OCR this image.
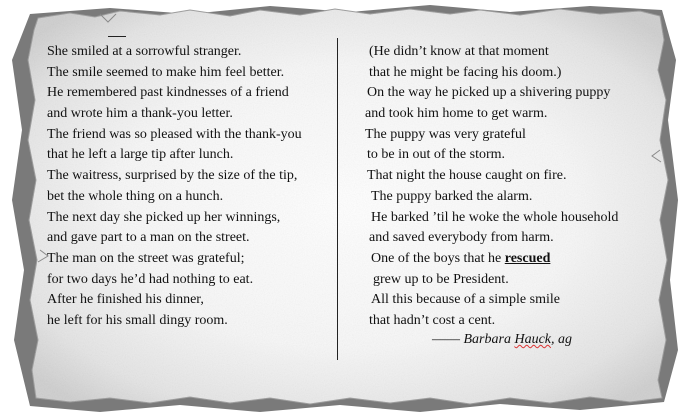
She smiled at a sorrowful stranger.
The smile seemed to make him feel better.
He remembered past kindnesses of a friend
and wrote him a thank-you letter.
The friend was so pleased with the thank-you
that he left a large tip after lunch.
The waitress, surprised by the size of the tip,
bet the whole thing on a hunch.
The next day she picked up her winnings,
and gave part to a man on the street.
The man on the street was grateful;
for two days he’d had nothing to eat.
After he finished his dinner,
he left for his small dingy room.
(He didn’t know at that moment
that he might be facing his doom.)
On the way he picked up a shivering puppy
and took him home to get warm.
The puppy was very grateful
to be in out of the storm.
That night the house caught on fire.
The puppy barked the alarm.
He barked ’til he woke the whole household
and saved everybody from harm.
One of the boys that he rescued
grew up to be President.
All this because of a simple smile
that hadn’t cost a cent.
—— Barbara Hauck, ag
